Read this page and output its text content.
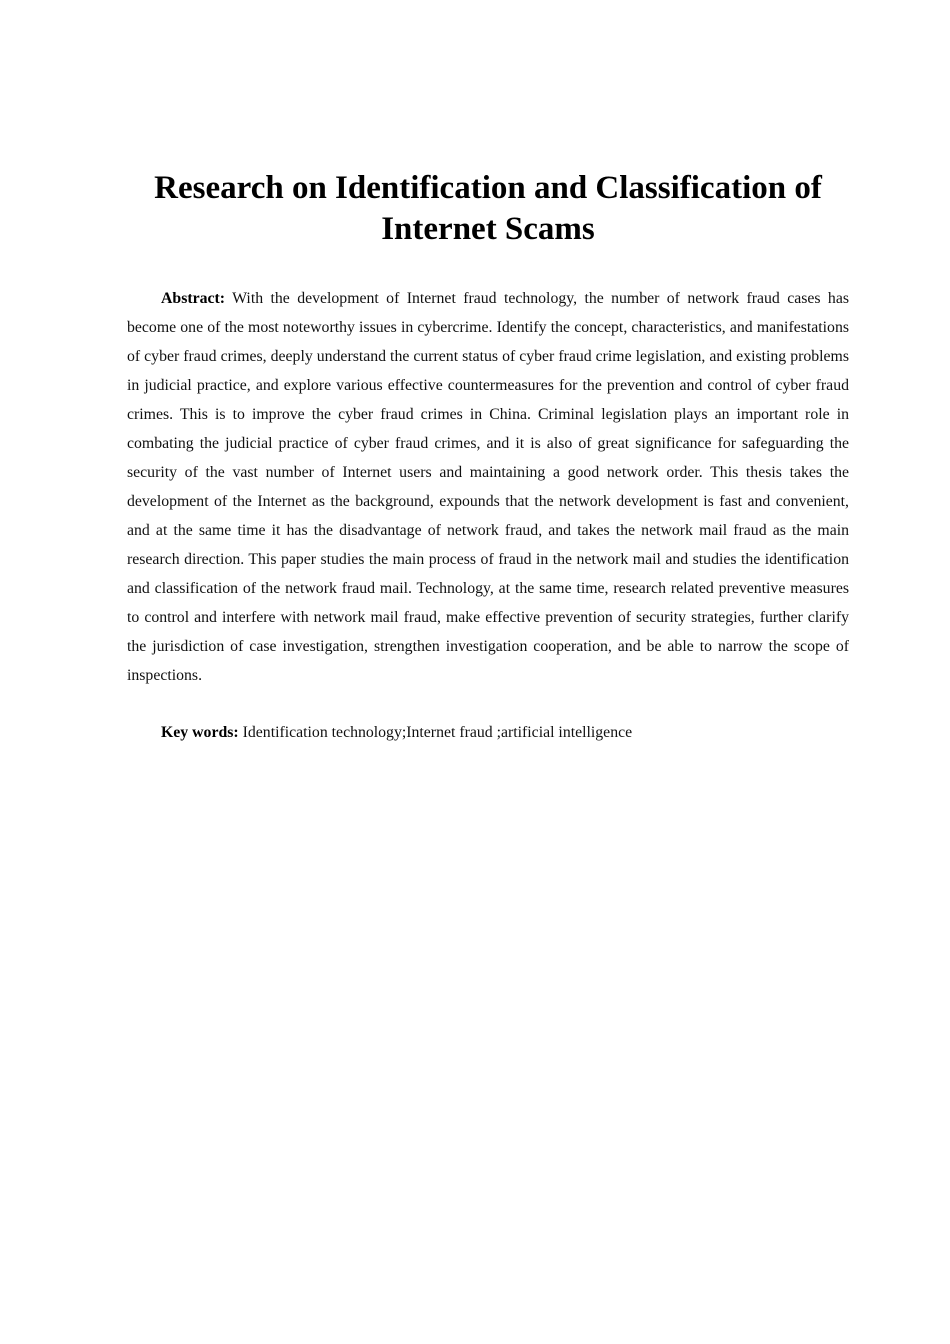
Research on Identification and Classification of Internet Scams

Abstract: With the development of Internet fraud technology, the number of network fraud cases has become one of the most noteworthy issues in cybercrime. Identify the concept, characteristics, and manifestations of cyber fraud crimes, deeply understand the current status of cyber fraud crime legislation, and existing problems in judicial practice, and explore various effective countermeasures for the prevention and control of cyber fraud crimes. This is to improve the cyber fraud crimes in China. Criminal legislation plays an important role in combating the judicial practice of cyber fraud crimes, and it is also of great significance for safeguarding the security of the vast number of Internet users and maintaining a good network order. This thesis takes the development of the Internet as the background, expounds that the network development is fast and convenient, and at the same time it has the disadvantage of network fraud, and takes the network mail fraud as the main research direction. This paper studies the main process of fraud in the network mail and studies the identification and classification of the network fraud mail. Technology, at the same time, research related preventive measures to control and interfere with network mail fraud, make effective prevention of security strategies, further clarify the jurisdiction of case investigation, strengthen investigation cooperation, and be able to narrow the scope of inspections.

Key words: Identification technology;Internet fraud ;artificial intelligence
